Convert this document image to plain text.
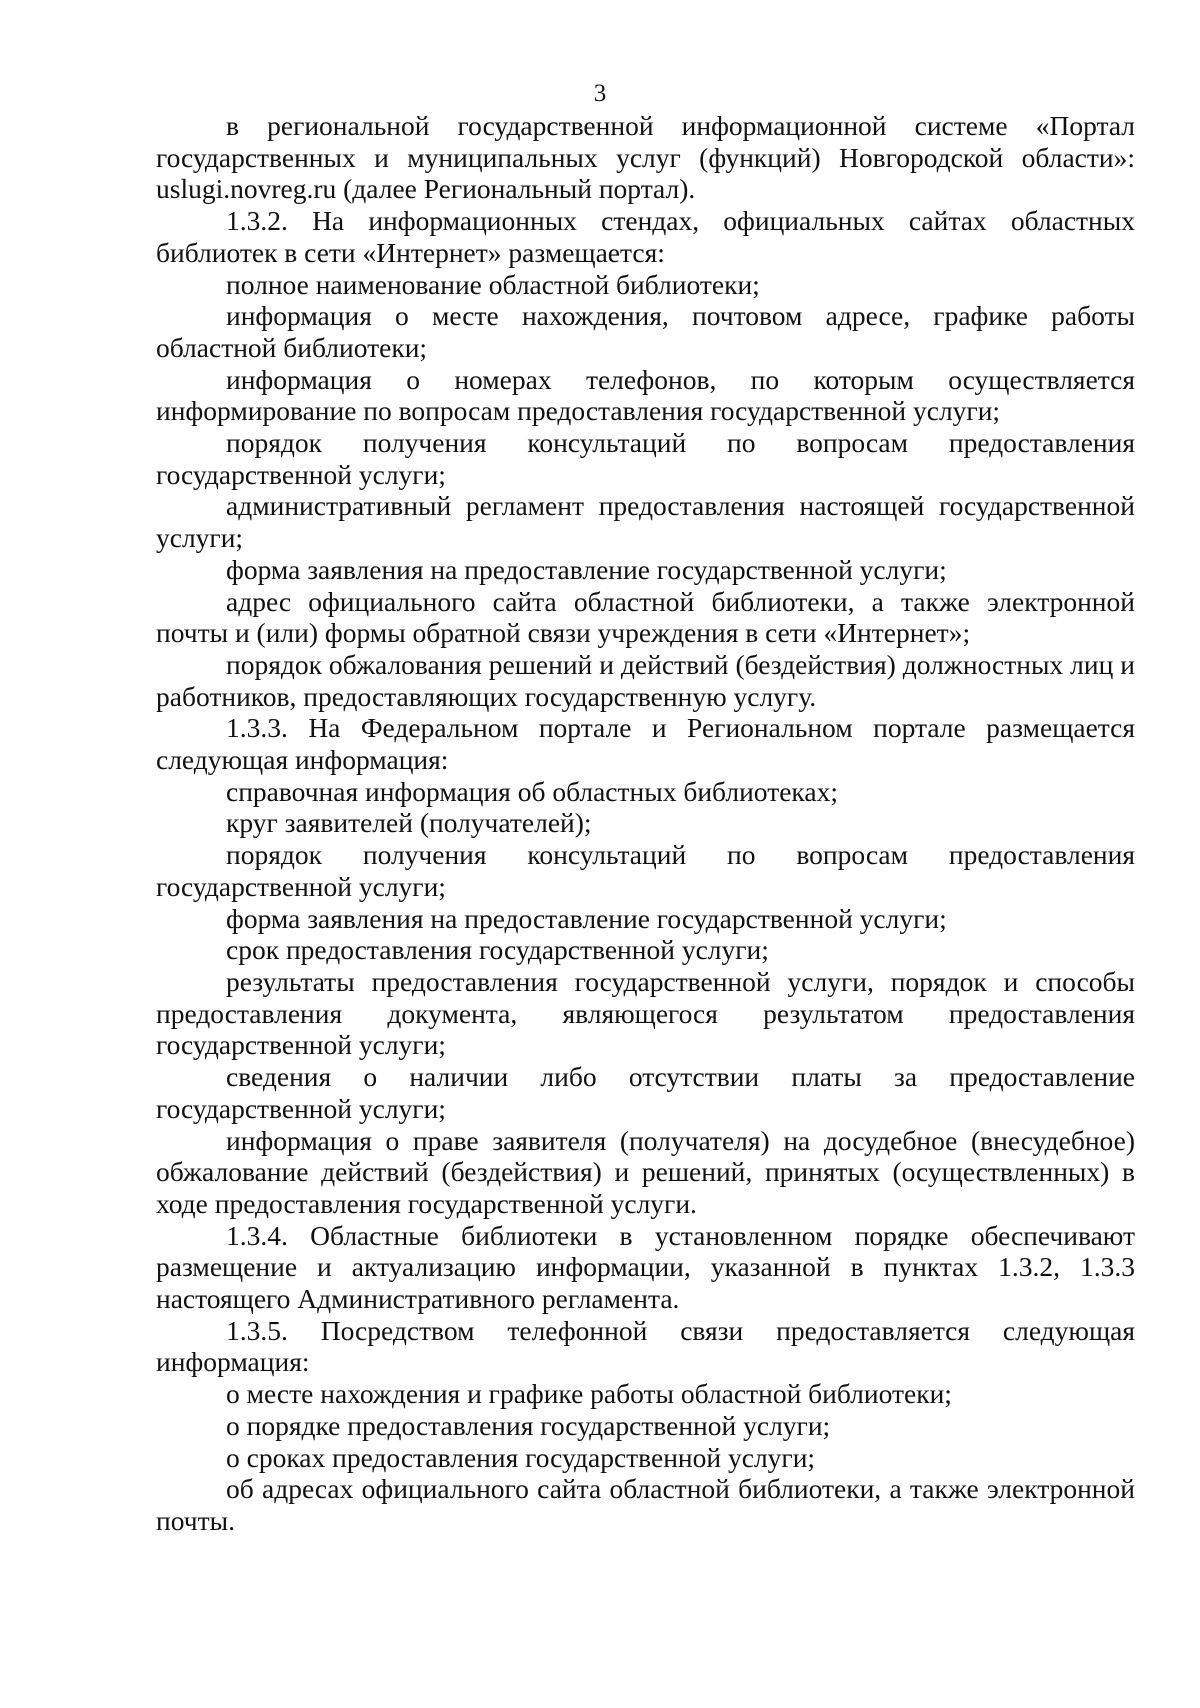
3

в региональной государственной информационной системе «Портал государственных и муниципальных услуг (функций) Новгородской области»: uslugi.novreg.ru (далее Региональный портал).

1.3.2. На информационных стендах, официальных сайтах областных библиотек в сети «Интернет» размещается:

полное наименование областной библиотеки;

информация о месте нахождения, почтовом адресе, графике работы областной библиотеки;

информация о номерах телефонов, по которым осуществляется информирование по вопросам предоставления государственной услуги;

порядок получения консультаций по вопросам предоставления государственной услуги;

административный регламент предоставления настоящей государственной услуги;

форма заявления на предоставление государственной услуги;

адрес официального сайта областной библиотеки, а также электронной почты и (или) формы обратной связи учреждения в сети «Интернет»;

порядок обжалования решений и действий (бездействия) должностных лиц и работников, предоставляющих государственную услугу.

1.3.3. На Федеральном портале и Региональном портале размещается следующая информация:

справочная информация об областных библиотеках;

круг заявителей (получателей);

порядок получения консультаций по вопросам предоставления государственной услуги;

форма заявления на предоставление государственной услуги;

срок предоставления государственной услуги;

результаты предоставления государственной услуги, порядок и способы предоставления документа, являющегося результатом предоставления государственной услуги;

сведения о наличии либо отсутствии платы за предоставление государственной услуги;

информация о праве заявителя (получателя) на досудебное (внесудебное) обжалование действий (бездействия) и решений, принятых (осуществленных) в ходе предоставления государственной услуги.

1.3.4. Областные библиотеки в установленном порядке обеспечивают размещение и актуализацию информации, указанной в пунктах 1.3.2, 1.3.3 настоящего Административного регламента.

1.3.5. Посредством телефонной связи предоставляется следующая информация:

о месте нахождения и графике работы областной библиотеки;

о порядке предоставления государственной услуги;

о сроках предоставления государственной услуги;

об адресах официального сайта областной библиотеки, а также электронной почты.
